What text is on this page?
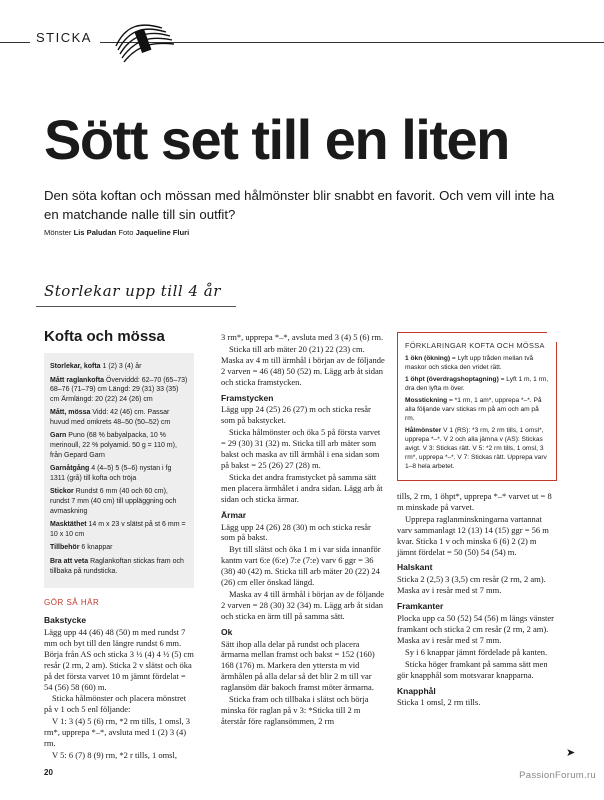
STICKA
Sött set till en liten
Den söta koftan och mössan med hålmönster blir snabbt en favorit. Och vem vill inte ha en matchande nalle till sin outfit?
Mönster Lis Paludan Foto Jaqueline Fluri
Storlekar upp till 4 år
Kofta och mössa

Storlekar, kofta 1 (2) 3 (4) år

Mått raglankofta Överviddd: 62–70 (65–73) 68–76 (71–79) cm Längd: 29 (31) 33 (35) cm Ärmlängd: 20 (22) 24 (26) cm

Mått, mössa Vidd: 42 (46) cm. Passar huvud med omkrets 48–50 (50–52) cm

Garn Puno (68 % babyalpacka, 10 % merinoull, 22 % polyamid. 50 g = 110 m), från Gepard Garn

Garnåtgång 4 (4–5) 5 (5–6) nystan i fg 1311 (grå) till kofta och tröja

Stickor Rundst 6 mm (40 och 60 cm), rundst 7 mm (40 cm) till uppläggning och avmaskning

Masktäthet 14 m x 23 v slätst på st 6 mm = 10 x 10 cm

Tillbehör 6 knappar

Bra att veta Raglankoftan stickas fram och tillbaka på rundsticka.

GÖR SÅ HÄR
Bakstycke

Lägg upp 44 (46) 48 (50) m med rundst 7 mm och byt till den längre rundst 6 mm. Börja från AS och sticka 3 ½ (4) 4 ½ (5) cm resår (2 rm, 2 am). Sticka 2 v slätst och öka på det första varvet 10 m jämnt fördelat = 54 (56) 58 (60) m.

Sticka hålmönster och placera mönstret på v 1 och 5 enl följande:

V 1: 3 (4) 5 (6) rm, *2 rm tills, 1 omsl, 3 rm*, upprepa *–*, avsluta med 1 (2) 3 (4) rm.

V 5: 6 (7) 8 (9) rm, *2 r tills, 1 omsl,

3 rm*, upprepa *–*, avsluta med 3 (4) 5 (6) rm.

Sticka till arb mäter 20 (21) 22 (23) cm. Maska av 4 m till ärmhål i början av de följande 2 varven = 46 (48) 50 (52) m. Lägg arb åt sidan och sticka framstycken.

Framstycken

Lägg upp 24 (25) 26 (27) m och sticka resår som på bakstycket.

Sticka hålmönster och öka 5 på första varvet = 29 (30) 31 (32) m. Sticka till arb mäter som bakst och maska av till ärmhål i ena sidan som på bakst = 25 (26) 27 (28) m.

Sticka det andra framstycket på samma sätt men placera ärmhålet i andra sidan. Lägg arb åt sidan och sticka ärmar.

Ärmar

Lägg upp 24 (26) 28 (30) m och sticka resår som på bakst.

Byt till slätst och öka 1 m i var sida innanför kantm vart 6:e (6:e) 7:e (7:e) varv 6 ggr = 36 (38) 40 (42) m. Sticka till arb mäter 20 (22) 24 (26) cm eller önskad längd.

Maska av 4 till ärmhål i början av de följande 2 varven = 28 (30) 32 (34) m. Lägg arb åt sidan och sticka en ärm till på samma sätt.

Ok

Sätt ihop alla delar på rundst och placera ärmarna mellan framst och bakst = 152 (160) 168 (176) m. Markera den yttersta m vid ärmhålen på alla delar så det blir 2 m till var raglansöm där bakoch framst möter ärmarna.

Sticka fram och tillbaka i slätst och börja minska för raglan på v 3: *Sticka till 2 m återstår före raglansömmen, 2 rm

FÖRKLARINGAR KOFTA OCH MÖSSA

1 ökn (ökning) = Lyft upp tråden mellan två maskor och sticka den vridet rätt.

1 öhpt (överdragshoptagning) = Lyft 1 m, 1 rm, dra den lyfta m över.

Mosstickning = *1 rm, 1 am*, upprepa *–*. På alla följande varv stickas rm på am och am på rm.

Hålmönster V 1 (RS): *3 rm, 2 rm tills, 1 omsl*, upprepa *–*. V 2 och alla jämna v (AS): Stickas avigt. V 3: Stickas rätt. V 5: *2 rm tills, 1 omsl, 3 rm*, upprepa *–*. V 7: Stickas rätt. Upprepa varv 1–8 hela arbetet.

tills, 2 rm, 1 öhpt*, upprepa *–* varvet ut = 8 m minskade på varvet.

Upprepa raglanminskningarna vartannat varv sammanlagt 12 (13) 14 (15) ggr = 56 m kvar. Sticka 1 v och minska 6 (6) 2 (2) m jämnt fördelat = 50 (50) 54 (54) m.

Halskant

Sticka 2 (2,5) 3 (3,5) cm resår (2 rm, 2 am). Maska av i resår med st 7 mm.

Framkanter

Plocka upp ca 50 (52) 54 (56) m längs vänster framkant och sticka 2 cm resår (2 rm, 2 am). Maska av i resår med st 7 mm.

Sy i 6 knappar jämnt fördelade på kanten.

Sticka höger framkant på samma sätt men gör knapphål som motsvarar knapparna.

Knapphål

Sticka 1 omsl, 2 rm tills.

➤
20	PassionForum.ru
